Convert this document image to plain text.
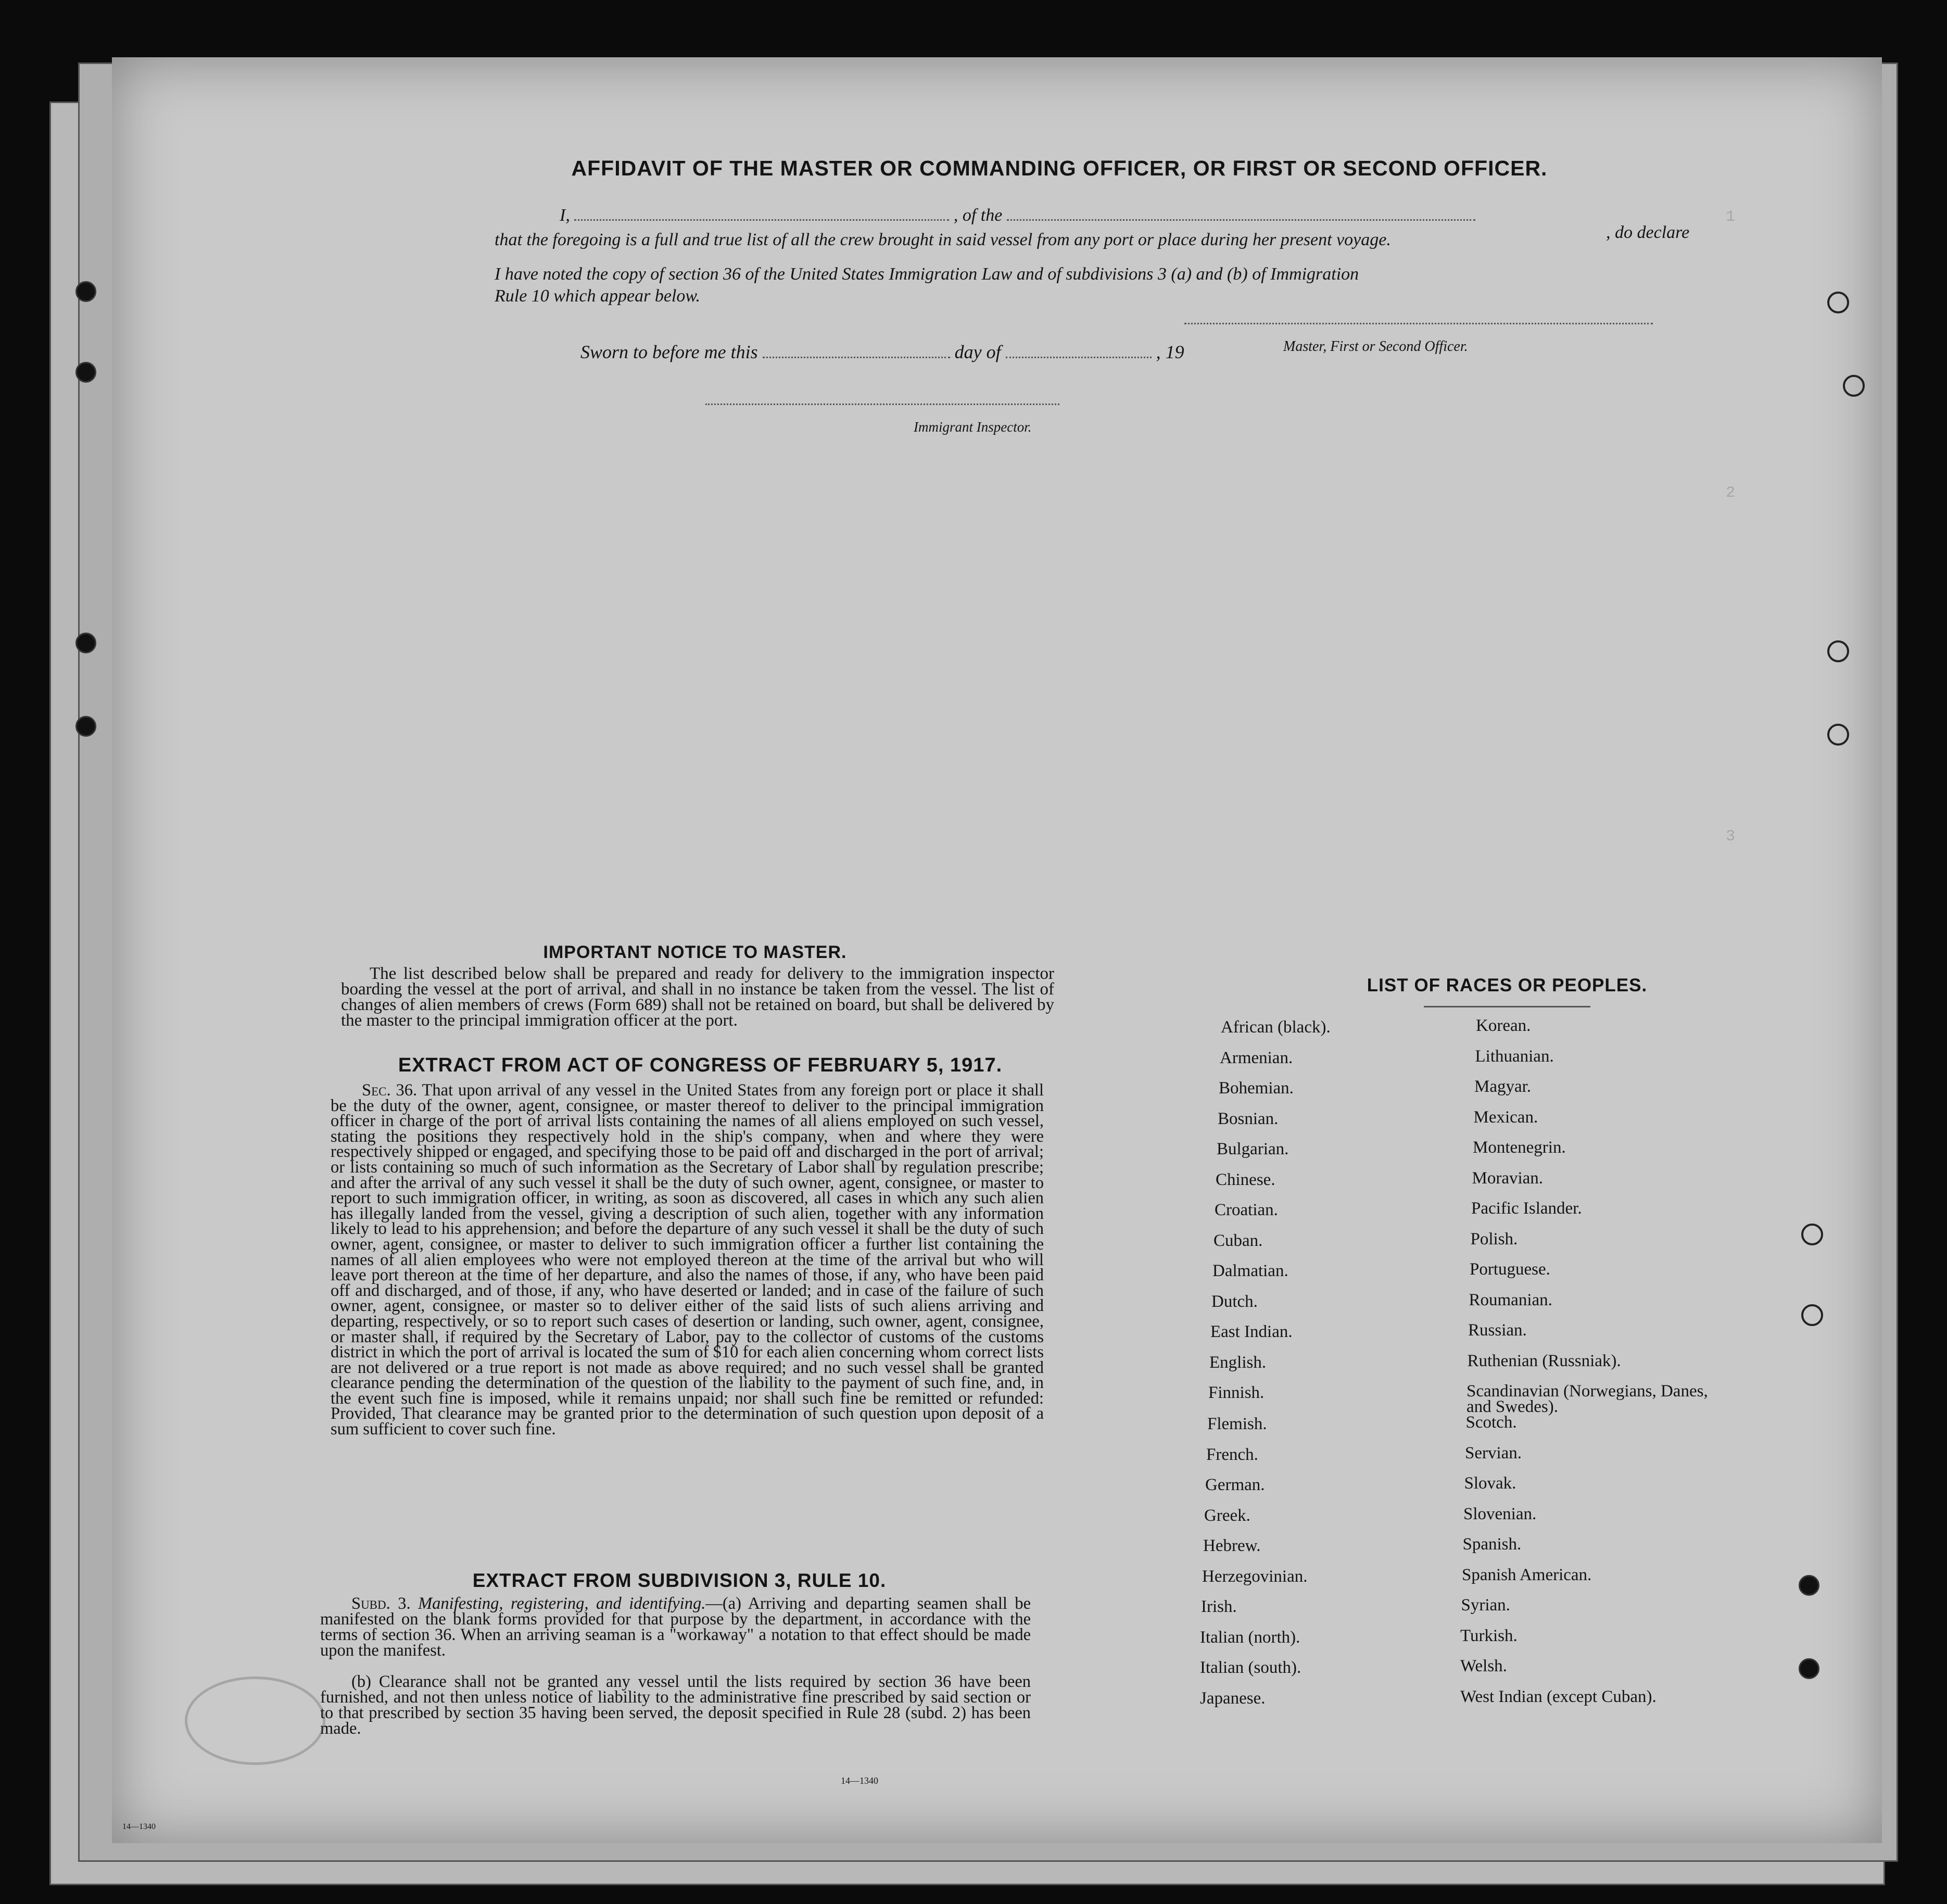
1
2
3
AFFIDAVIT OF THE MASTER OR COMMANDING OFFICER, OR FIRST OR SECOND OFFICER.
I,	, of the
that the foregoing is a full and true list of all the crew brought in said vessel from any port or place during her present voyage.	, do declare
I have noted the copy of section 36 of the United States Immigration Law and of subdivisions 3 (a) and (b) of Immigration
Rule 10 which appear below.
Master, First or Second Officer.
Sworn to before me this	day of	, 19
Immigrant Inspector.
IMPORTANT NOTICE TO MASTER.
The list described below shall be prepared and ready for delivery to the immigration inspector boarding the vessel at the port of arrival, and shall in no instance be taken from the vessel. The list of changes of alien members of crews (Form 689) shall not be retained on board, but shall be delivered by the master to the principal immigration officer at the port.
EXTRACT FROM ACT OF CONGRESS OF FEBRUARY 5, 1917.
Sec. 36. That upon arrival of any vessel in the United States from any foreign port or place it shall be the duty of the owner, agent, consignee, or master thereof to deliver to the principal immigration officer in charge of the port of arrival lists containing the names of all aliens employed on such vessel, stating the positions they respectively hold in the ship's company, when and where they were respectively shipped or engaged, and specifying those to be paid off and discharged in the port of arrival; or lists containing so much of such information as the Secretary of Labor shall by regulation prescribe; and after the arrival of any such vessel it shall be the duty of such owner, agent, consignee, or master to report to such immigration officer, in writing, as soon as discovered, all cases in which any such alien has illegally landed from the vessel, giving a description of such alien, together with any information likely to lead to his apprehension; and before the departure of any such vessel it shall be the duty of such owner, agent, consignee, or master to deliver to such immigration officer a further list containing the names of all alien employees who were not employed thereon at the time of the arrival but who will leave port thereon at the time of her departure, and also the names of those, if any, who have been paid off and discharged, and of those, if any, who have deserted or landed; and in case of the failure of such owner, agent, consignee, or master so to deliver either of the said lists of such aliens arriving and departing, respectively, or so to report such cases of desertion or landing, such owner, agent, consignee, or master shall, if required by the Secretary of Labor, pay to the collector of customs of the customs district in which the port of arrival is located the sum of $10 for each alien concerning whom correct lists are not delivered or a true report is not made as above required; and no such vessel shall be granted clearance pending the determination of the question of the liability to the payment of such fine, and, in the event such fine is imposed, while it remains unpaid; nor shall such fine be remitted or refunded: Provided, That clearance may be granted prior to the determination of such question upon deposit of a sum sufficient to cover such fine.
EXTRACT FROM SUBDIVISION 3, RULE 10.
Subd. 3. Manifesting, registering, and identifying.—(a) Arriving and departing seamen shall be manifested on the blank forms provided for that purpose by the department, in accordance with the terms of section 36. When an arriving seaman is a "workaway" a notation to that effect should be made upon the manifest.
(b) Clearance shall not be granted any vessel until the lists required by section 36 have been furnished, and not then unless notice of liability to the administrative fine prescribed by said section or to that prescribed by section 35 having been served, the deposit specified in Rule 28 (subd. 2) has been made.
14—1340
LIST OF RACES OR PEOPLES.
African (black).	Korean.
Armenian.	Lithuanian.
Bohemian.	Magyar.
Bosnian.	Mexican.
Bulgarian.	Montenegrin.
Chinese.	Moravian.
Croatian.	Pacific Islander.
Cuban.	Polish.
Dalmatian.	Portuguese.
Dutch.	Roumanian.
East Indian.	Russian.
English.	Ruthenian (Russniak).
Finnish.	Scandinavian (Norwegians, Danes, and Swedes).
Flemish.	Scotch.
French.	Servian.
German.	Slovak.
Greek.	Slovenian.
Hebrew.	Spanish.
Herzegovinian.	Spanish American.
Irish.	Syrian.
Italian (north).	Turkish.
Italian (south).	Welsh.
Japanese.	West Indian (except Cuban).
14—1340
